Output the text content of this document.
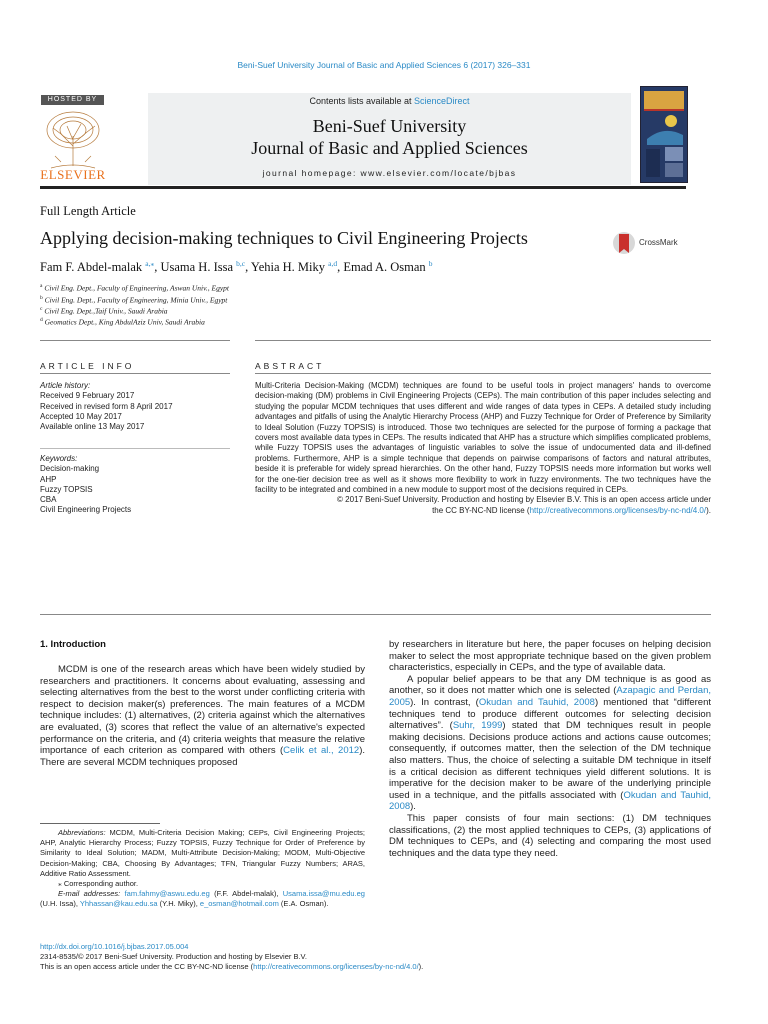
Beni-Suef University Journal of Basic and Applied Sciences 6 (2017) 326–331
HOSTED BY
ELSEVIER
Contents lists available at ScienceDirect
Beni-Suef University
Journal of Basic and Applied Sciences
journal homepage: www.elsevier.com/locate/bjbas
Full Length Article
Applying decision-making techniques to Civil Engineering Projects	CrossMark
Fam F. Abdel-malak $^{a,⁎}$, Usama H. Issa $^{b,c}$, Yehia H. Miky $^{a,d}$, Emad A. Osman $^b$
$^a$ Civil Eng. Dept., Faculty of Engineering, Aswan Univ., Egypt
$^b$ Civil Eng. Dept., Faculty of Engineering, Minia Univ., Egypt
$^c$ Civil Eng. Dept.,Taif Univ., Saudi Arabia
$^d$ Geomatics Dept., King AbdulAziz Univ, Saudi Arabia
ARTICLE INFO	ABSTRACT
Article history:
Received 9 February 2017
Received in revised form 8 April 2017
Accepted 10 May 2017
Available online 13 May 2017
Keywords:
Decision-making
AHP
Fuzzy TOPSIS
CBA
Civil Engineering Projects
Multi-Criteria Decision-Making (MCDM) techniques are found to be useful tools in project managers' hands to overcome decision-making (DM) problems in Civil Engineering Projects (CEPs). The main contribution of this paper includes selecting and studying the popular MCDM techniques that uses different and wide ranges of data types in CEPs. A detailed study including advantages and pitfalls of using the Analytic Hierarchy Process (AHP) and Fuzzy Technique for Order of Preference by Similarity to Ideal Solution (Fuzzy TOPSIS) is introduced. Those two techniques are selected for the purpose of forming a package that covers most available data types in CEPs. The results indicated that AHP has a structure which simplifies complicated problems, while Fuzzy TOPSIS uses the advantages of linguistic variables to solve the issue of undocumented data and ill-defined problems. Furthermore, AHP is a simple technique that depends on pairwise comparisons of factors and natural attributes, beside it is preferable for widely spread hierarchies. On the other hand, Fuzzy TOPSIS needs more information but works well for the one-tier decision tree as well as it shows more flexibility to work in fuzzy environments. The two techniques have the facility to be integrated and combined in a new module to support most of the decisions required in CEPs.
© 2017 Beni-Suef University. Production and hosting by Elsevier B.V. This is an open access article under
the CC BY-NC-ND license (http://creativecommons.org/licenses/by-nc-nd/4.0/).
1. Introduction

MCDM is one of the research areas which have been widely studied by researchers and practitioners. It concerns about evaluating, assessing and selecting alternatives from the best to the worst under conflicting criteria with respect to decision maker(s) preferences. The main features of a MCDM technique includes: (1) alternatives, (2) criteria against which the alternatives are evaluated, (3) scores that reflect the value of an alternative's expected performance on the criteria, and (4) criteria weights that measure the relative importance of each criterion as compared with others (Celik et al., 2012). There are several MCDM techniques proposed

Abbreviations: MCDM, Multi-Criteria Decision Making; CEPs, Civil Engineering Projects; AHP, Analytic Hierarchy Process; Fuzzy TOPSIS, Fuzzy Technique for Order of Preference by Similarity to Ideal Solution; MADM, Multi-Attribute Decision-Making; MODM, Multi-Objective Decision-Making; CBA, Choosing By Advantages; TFN, Triangular Fuzzy Numbers; ARAS, Additive Ratio Assessment.
⁎ Corresponding author.
E-mail addresses: fam.fahmy@aswu.edu.eg (F.F. Abdel-malak), Usama.issa@mu.edu.eg (U.H. Issa), Yhhassan@kau.edu.sa (Y.H. Miky), e_osman@hotmail.com (E.A. Osman).

by researchers in literature but here, the paper focuses on helping decision maker to select the most appropriate technique based on the given problem characteristics, especially in CEPs, and the type of available data.

A popular belief appears to be that any DM technique is as good as another, so it does not matter which one is selected (Azapagic and Perdan, 2005). In contrast, (Okudan and Tauhid, 2008) mentioned that “different techniques tend to produce different outcomes for selecting decision alternatives”. (Suhr, 1999) stated that DM techniques result in people making decisions. Decisions produce actions and actions cause outcomes; consequently, if outcomes matter, then the selection of the DM technique also matters. Thus, the choice of selecting a suitable DM technique in itself is a critical decision as different techniques yield different solutions. It is imperative for the decision maker to be aware of the underlying principle used in a technique, and the pitfalls associated with (Okudan and Tauhid, 2008).

This paper consists of four main sections: (1) DM techniques classifications, (2) the most applied techniques to CEPs, (3) applications of DM techniques to CEPs, and (4) selecting and comparing the most used techniques and the data type they need.

http://dx.doi.org/10.1016/j.bjbas.2017.05.004
2314-8535/© 2017 Beni-Suef University. Production and hosting by Elsevier B.V.
This is an open access article under the CC BY-NC-ND license (http://creativecommons.org/licenses/by-nc-nd/4.0/).
